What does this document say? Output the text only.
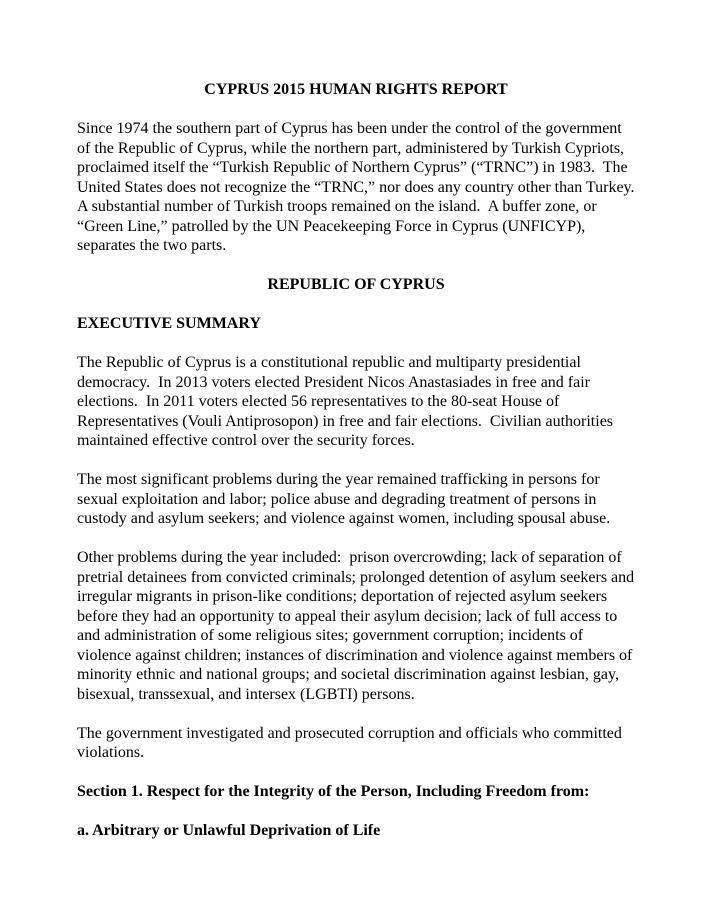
CYPRUS 2015 HUMAN RIGHTS REPORT

Since 1974 the southern part of Cyprus has been under the control of the government of the Republic of Cyprus, while the northern part, administered by Turkish Cypriots, proclaimed itself the “Turkish Republic of Northern Cyprus” (“TRNC”) in 1983.  The United States does not recognize the “TRNC,” nor does any country other than Turkey.  A substantial number of Turkish troops remained on the island.  A buffer zone, or “Green Line,” patrolled by the UN Peacekeeping Force in Cyprus (UNFICYP), separates the two parts.

REPUBLIC OF CYPRUS
EXECUTIVE SUMMARY

The Republic of Cyprus is a constitutional republic and multiparty presidential democracy.  In 2013 voters elected President Nicos Anastasiades in free and fair elections.  In 2011 voters elected 56 representatives to the 80-seat House of Representatives (Vouli Antiprosopon) in free and fair elections.  Civilian authorities maintained effective control over the security forces.

The most significant problems during the year remained trafficking in persons for sexual exploitation and labor; police abuse and degrading treatment of persons in custody and asylum seekers; and violence against women, including spousal abuse.

Other problems during the year included:  prison overcrowding; lack of separation of pretrial detainees from convicted criminals; prolonged detention of asylum seekers and irregular migrants in prison-like conditions; deportation of rejected asylum seekers before they had an opportunity to appeal their asylum decision; lack of full access to and administration of some religious sites; government corruption; incidents of violence against children; instances of discrimination and violence against members of minority ethnic and national groups; and societal discrimination against lesbian, gay, bisexual, transsexual, and intersex (LGBTI) persons.

The government investigated and prosecuted corruption and officials who committed violations.

Section 1. Respect for the Integrity of the Person, Including Freedom from:
a. Arbitrary or Unlawful Deprivation of Life
